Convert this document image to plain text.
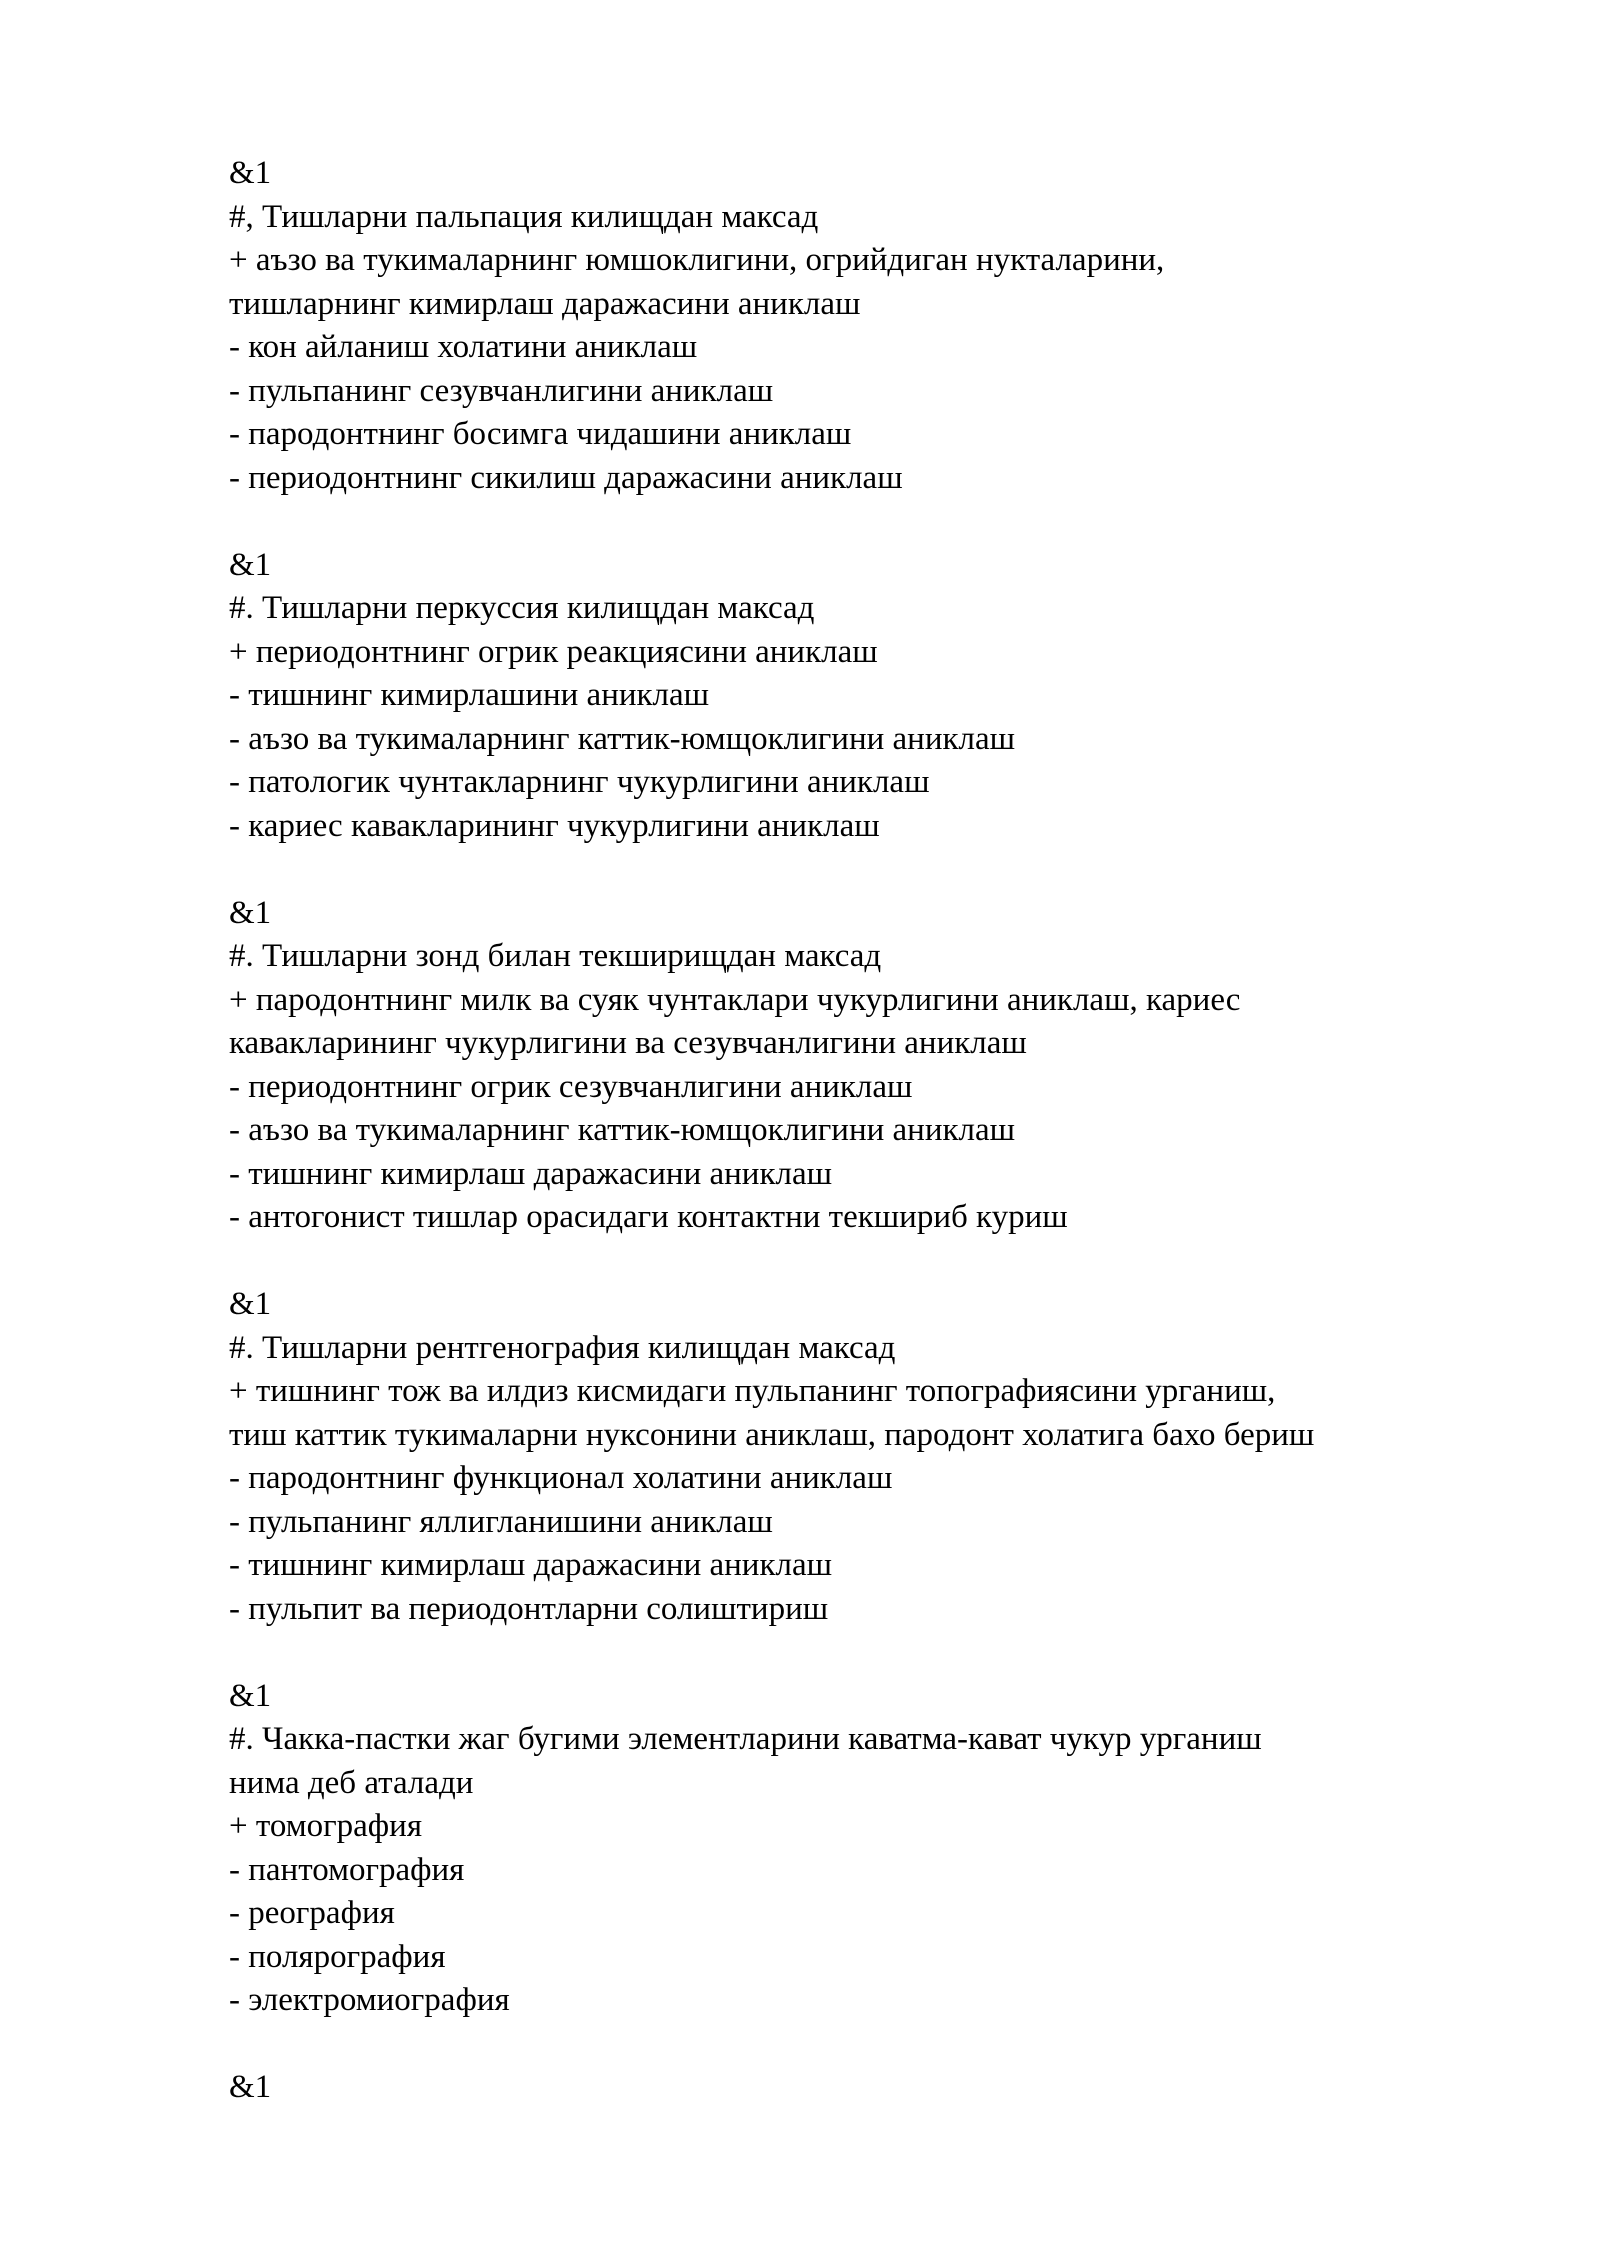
&1
#, Тишларни пальпация килищдан максад
+ аъзо ва тукималарнинг юмшоклигини, огрийдиган нукталарини,
тишларнинг кимирлаш даражасини аниклаш
- кон айланиш холатини аниклаш
- пульпанинг сезувчанлигини аниклаш
- пародонтнинг босимга чидашини аниклаш
- периодонтнинг сикилиш даражасини аниклаш
&1
#. Тишларни перкуссия килищдан максад
+ периодонтнинг огрик реакциясини аниклаш
- тишнинг кимирлашини аниклаш
- аъзо ва тукималарнинг каттик-юмщоклигини аниклаш
- патологик чунтакларнинг чукурлигини аниклаш
- кариес кавакларининг чукурлигини аниклаш
&1
#. Тишларни зонд билан текширищдан максад
+ пародонтнинг милк ва суяк чунтаклари чукурлигини аниклаш, кариес
кавакларининг чукурлигини ва сезувчанлигини аниклаш
- периодонтнинг огрик сезувчанлигини аниклаш
- аъзо ва тукималарнинг каттик-юмщоклигини аниклаш
- тишнинг кимирлаш даражасини аниклаш
- антогонист тишлар орасидаги контактни текшириб куриш
&1
#. Тишларни рентгенография килищдан максад
+ тишнинг тож ва илдиз кисмидаги пульпанинг топографиясини урганиш,
тиш каттик тукималарни нуксонини аниклаш, пародонт холатига бахо бериш
- пародонтнинг функционал холатини аниклаш
- пульпанинг яллигланишини аниклаш
- тишнинг кимирлаш даражасини аниклаш
- пульпит ва периодонтларни солиштириш
&1
#. Чакка-пастки жаг бугими элементларини каватма-кават чукур урганиш
нима деб аталади
+ томография
- пантомография
- реография
- поляpография
- электромиография
&1
